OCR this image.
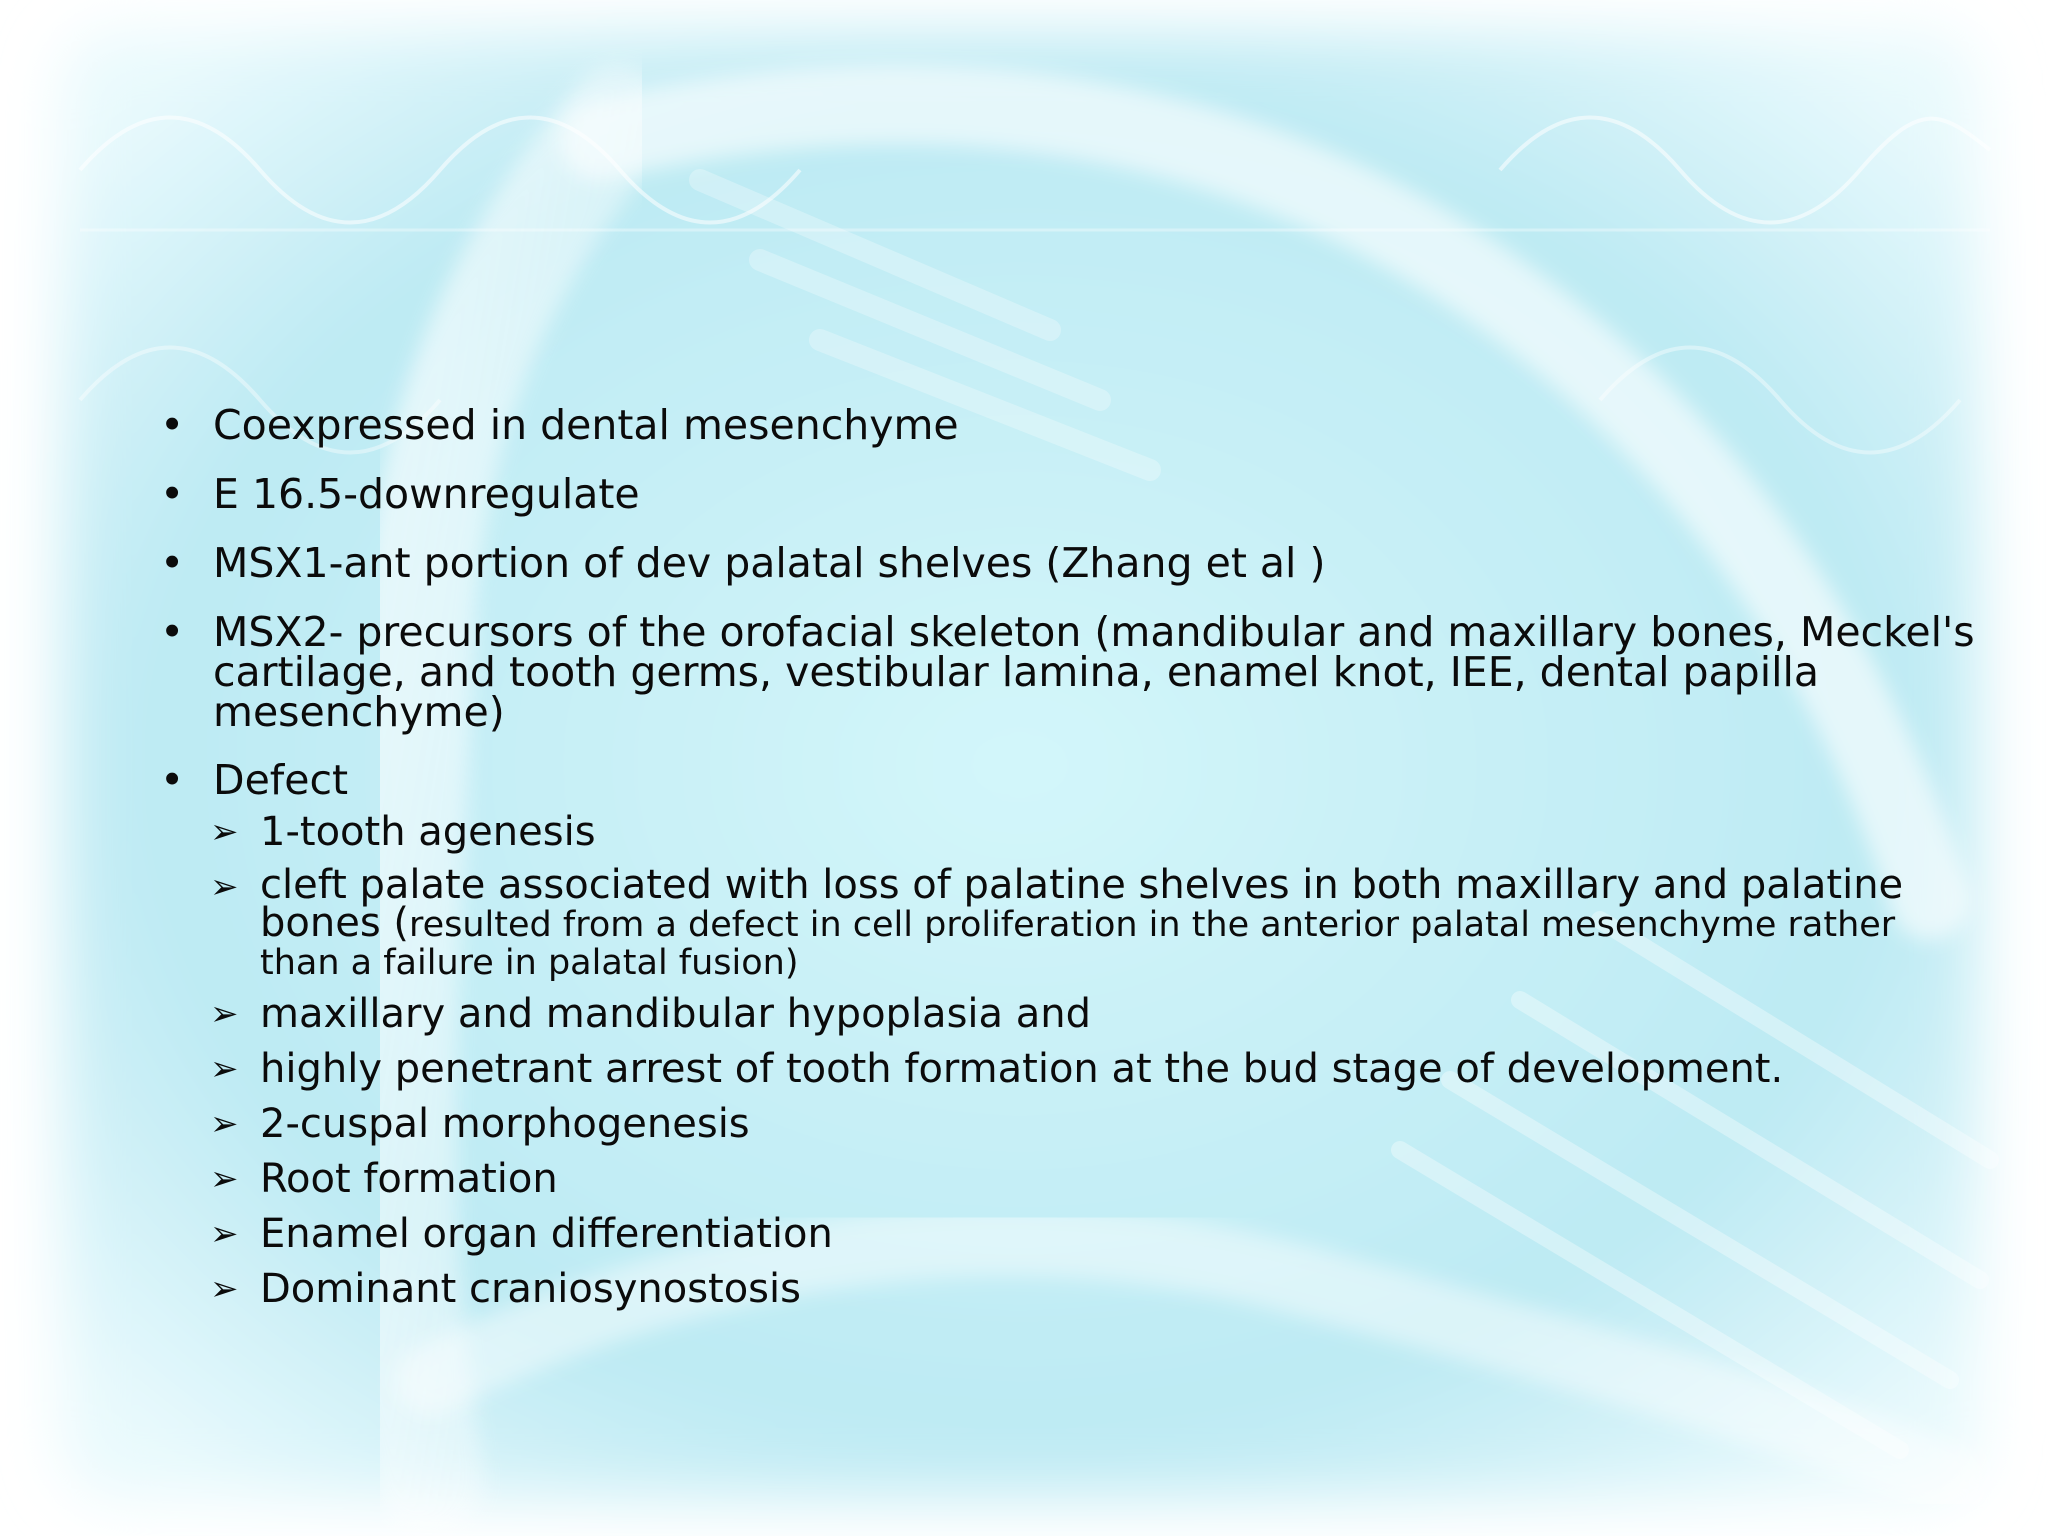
• Coexpressed in dental mesenchyme
• E 16.5-downregulate
• MSX1-ant portion of dev palatal shelves (Zhang et al )
• MSX2- precursors of the orofacial skeleton (mandibular and maxillary bones, Meckel's cartilage, and tooth germs, vestibular lamina, enamel knot, IEE, dental papilla mesenchyme)
• Defect
➢ 1-tooth agenesis
➢ cleft palate associated with loss of palatine shelves in both maxillary and palatine bones (resulted from a defect in cell proliferation in the anterior palatal mesenchyme rather than a failure in palatal fusion)
➢ maxillary and mandibular hypoplasia and
➢ highly penetrant arrest of tooth formation at the bud stage of development.
➢ 2-cuspal morphogenesis
➢ Root formation
➢ Enamel organ differentiation
➢ Dominant craniosynostosis
